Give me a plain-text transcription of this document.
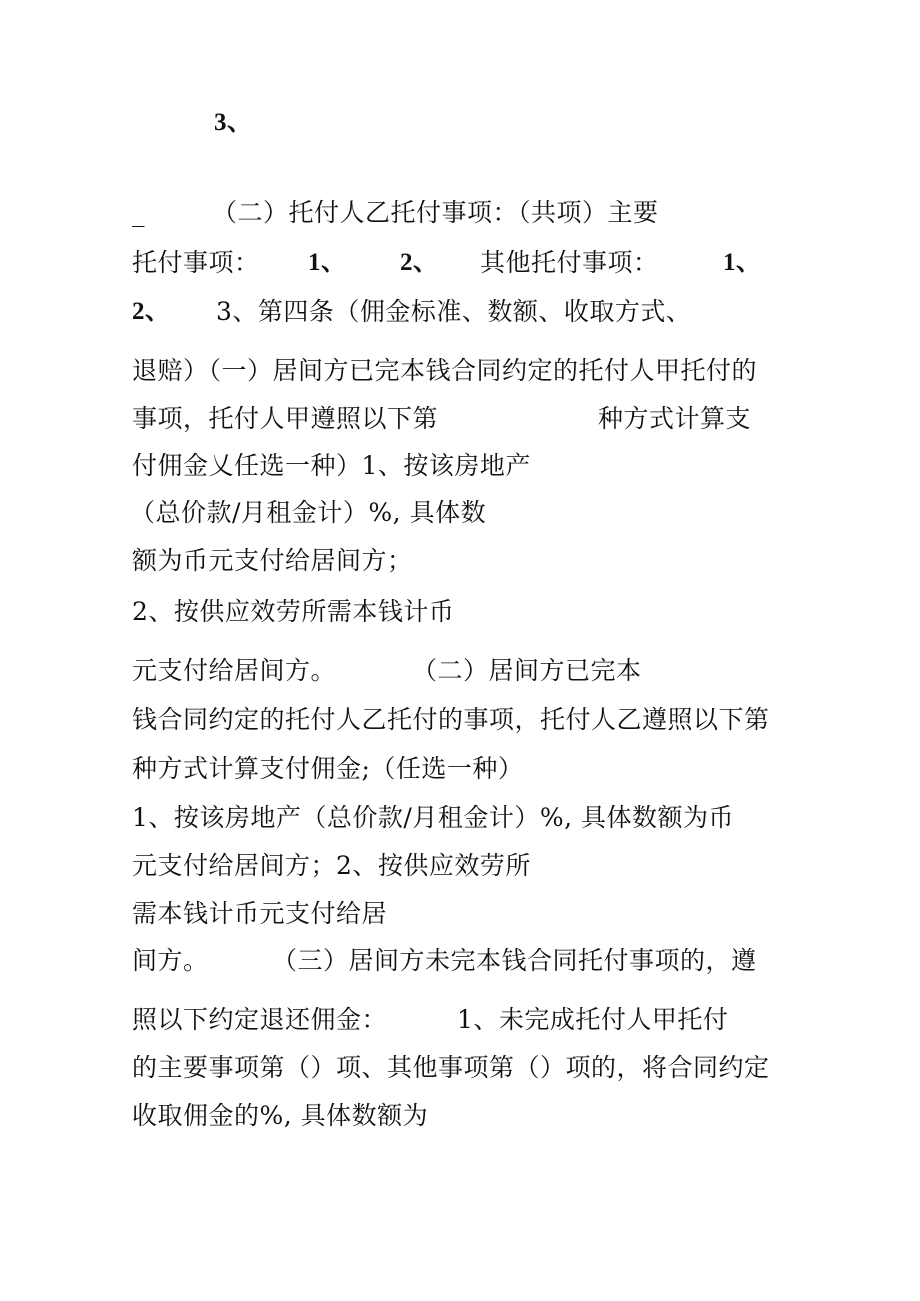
3、
_	（二）托付人乙托付事项：（共项）主要
托付事项： 1、 2、 其他托付事项：	1、
2、 3、第四条（佣金标准、数额、收取方式、
退赔）（一）居间方已完本钱合同约定的托付人甲托付的
事项，托付人甲遵照以下第	种方式计算支
付佣金乂任选一种）1、按该房地产
（总价款/月租金计）%, 具体数
额为币元支付给居间方；
2、按供应效劳所需本钱计币
元支付给居间方。	（二）居间方已完本
钱合同约定的托付人乙托付的事项，托付人乙遵照以下第
种方式计算支付佣金;（任选一种）
1、按该房地产（总价款/月租金计）%, 具体数额为币
元支付给居间方；2、按供应效劳所
需本钱计币元支付给居
间方。	（三）居间方未完本钱合同托付事项的，遵
照以下约定退还佣金：	1、未完成托付人甲托付
的主要事项第（）项、其他事项第（）项的，将合同约定
收取佣金的%, 具体数额为
